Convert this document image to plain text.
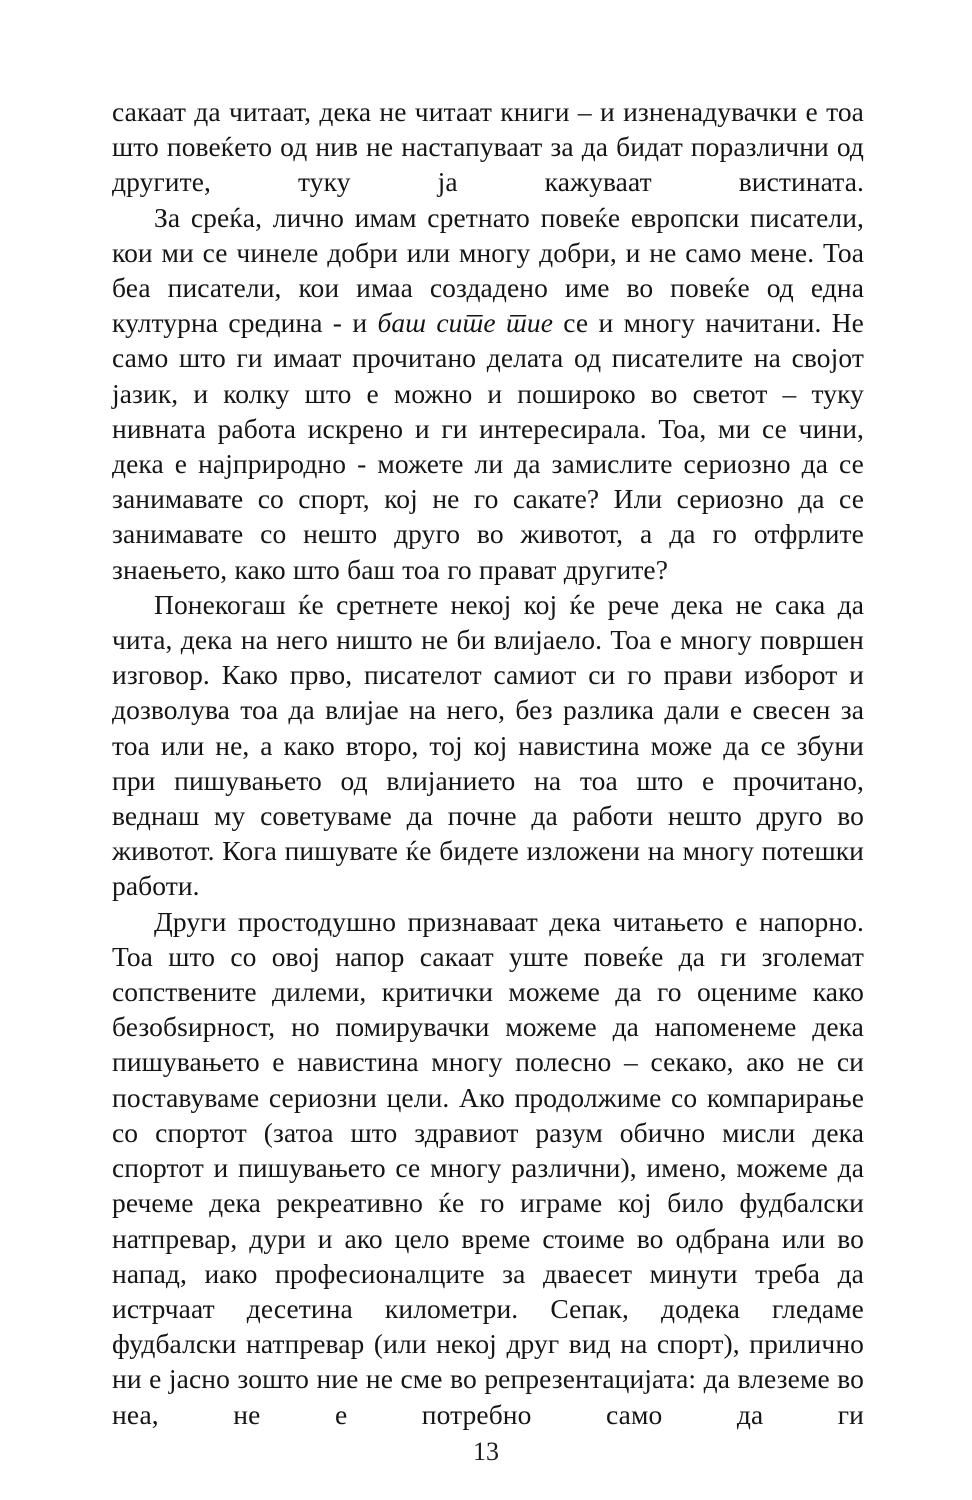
сакаат да читаат, дека не читаат книги – и изненадувачки е тоа што повеќето од нив не настапуваат за да бидат поразлични од другите, туку ја кажуваат вистината.

За среќа, лично имам сретнато повеќе европски писатели, кои ми се чинеле добри или многу добри, и не само мене. Тоа беа писатели, кои имаа создадено име во повеќе од една културна средина - и баш сите тие се и многу начитани. Не само што ги имаат прочитано делата од писателите на својот јазик, и колку што е можно и пошироко во светот – туку нивната работа искрено и ги интересирала. Тоа, ми се чини, дека е најприродно - можете ли да замислите сериозно да се занимавате со спорт, кој не го сакате? Или сериозно да се занимавате со нешто друго во животот, а да го отфрлите знаењето, како што баш тоа го прават другите?

Понекогаш ќе сретнете некој кој ќе рече дека не сака да чита, дека на него ништо не би влијаело. Тоа е многу површен изговор. Како прво, писателот самиот си го прави изборот и дозволува тоа да влијае на него, без разлика дали е свесен за тоа или не, а како второ, тој кој навистина може да се збуни при пишувањето од влијанието на тоа што е прочитано, веднаш му советуваме да почне да работи нешто друго во животот. Кога пишувате ќе бидете изложени на многу потешки работи.

Други простодушно признаваат дека читањето е напорно. Тоа што со овој напор сакаат уште повеќе да ги зголемат сопствените дилеми, критички можеме да го оцениме како безобѕирност, но помирувачки можеме да напоменеме дека пишувањето е навистина многу полесно – секако, ако не си поставуваме сериозни цели. Ако продолжиме со компарирање со спортот (затоа што здравиот разум обично мисли дека спортот и пишувањето се многу различни), имено, можеме да речеме дека рекреативно ќе го играме кој било фудбалски натпревар, дури и ако цело време стоиме во одбрана или во напад, иако професионалците за дваесет минути треба да истрчаат десетина километри. Сепак, додека гледаме фудбалски натпревар (или некој друг вид на спорт), прилично ни е јасно зошто ние не сме во репрезентацијата: да влеземе во неа, не е потребно само да ги

13
